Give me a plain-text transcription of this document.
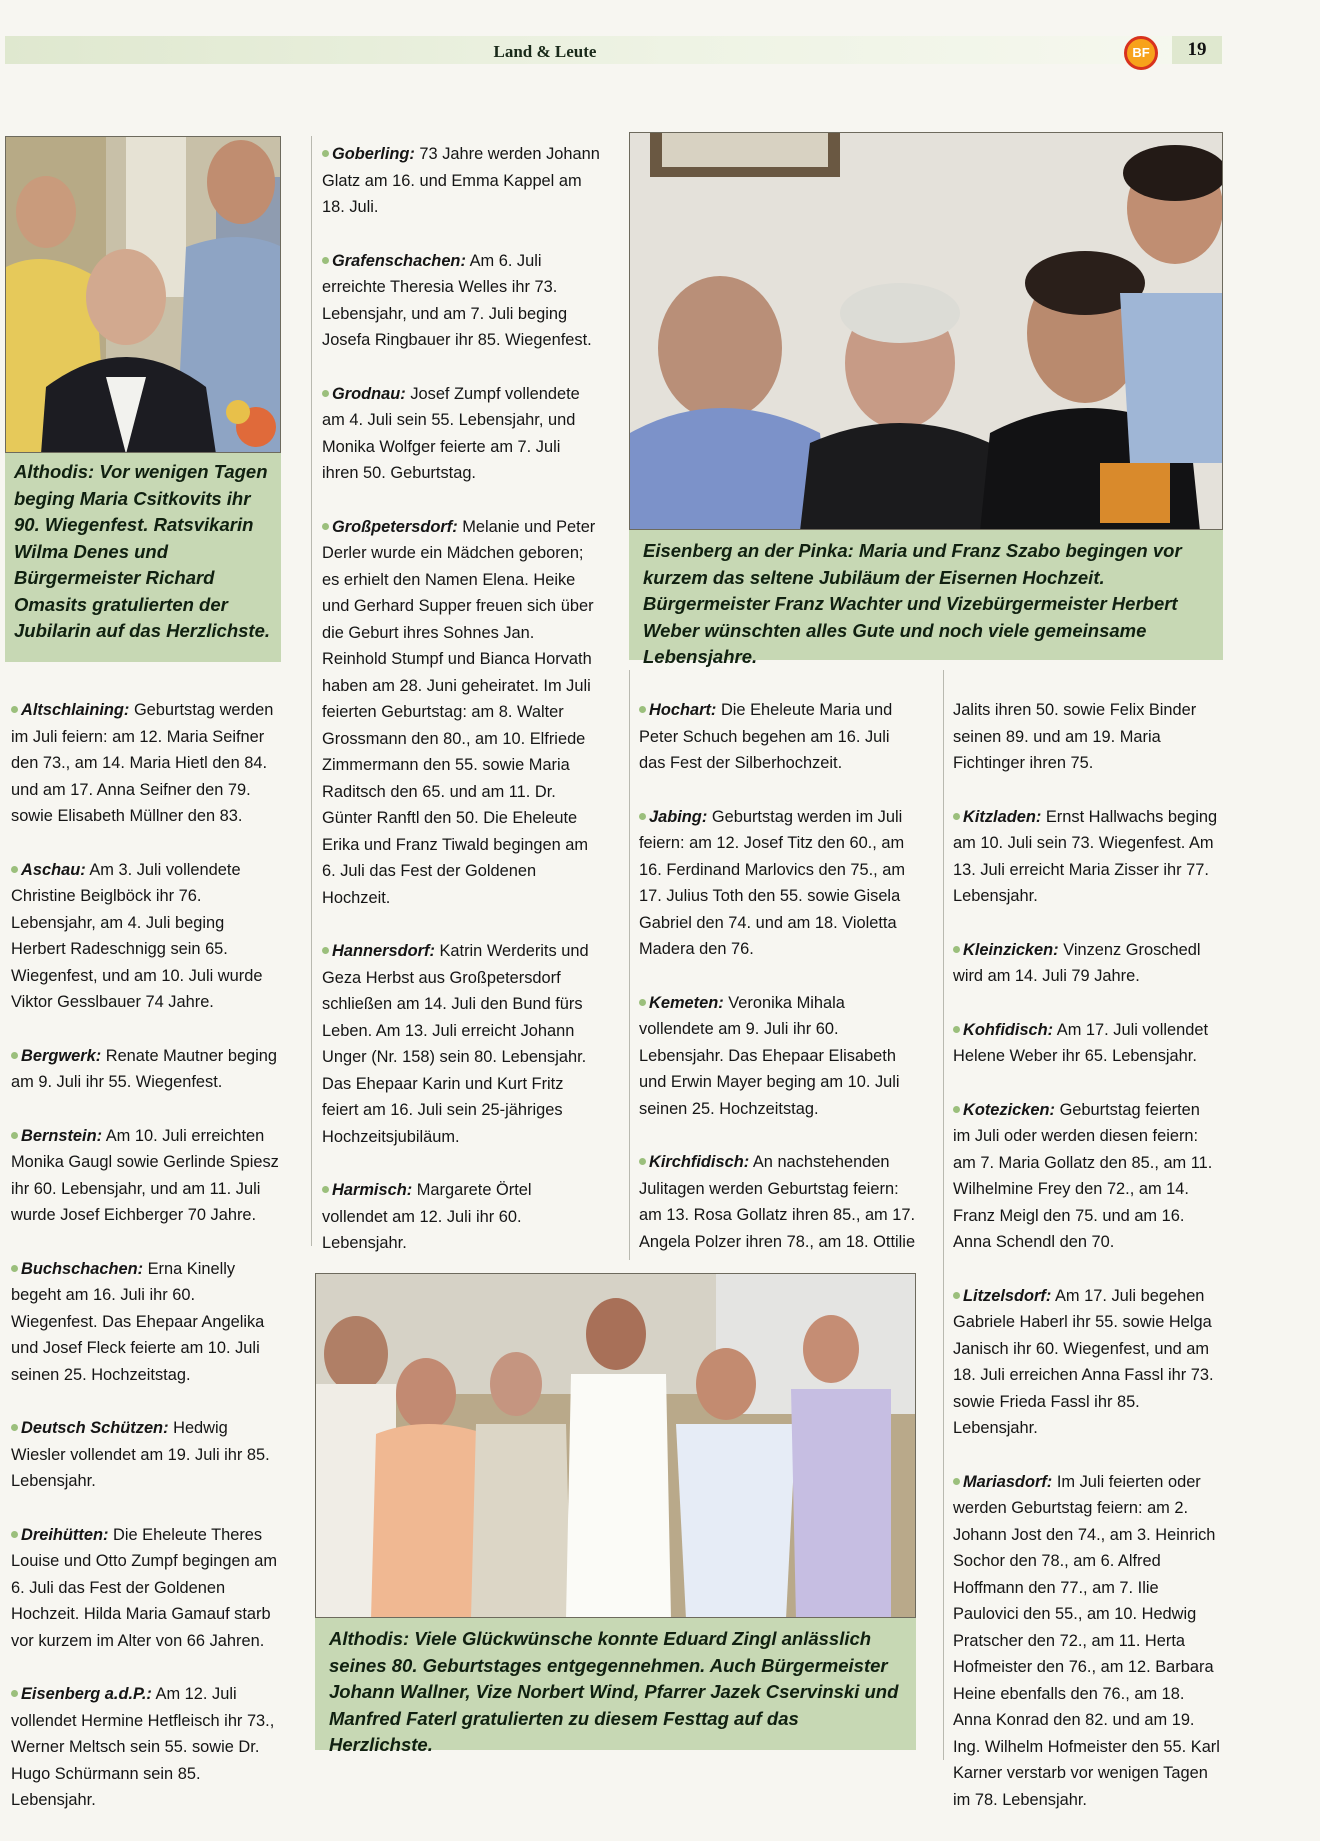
Land & Leute	BF	19
Althodis: Vor wenigen Tagen beging Maria Csitkovits ihr 90. Wiegenfest. Ratsvikarin Wilma Denes und Bürgermeister Richard Omasits gratulierten der Jubilarin auf das Herzlichste.
Eisenberg an der Pinka: Maria und Franz Szabo begingen vor kurzem das seltene Jubiläum der Eisernen Hochzeit. Bürgermeister Franz Wachter und Vizebürgermeister Herbert Weber wünschten alles Gute und noch viele gemeinsame Lebensjahre.
Althodis: Viele Glückwünsche konnte Eduard Zingl anlässlich seines 80. Geburtstages entgegennehmen. Auch Bürgermeister Johann Wallner, Vize Norbert Wind, Pfarrer Jazek Cservinski und Manfred Faterl gratulierten zu diesem Festtag auf das Herzlichste.

Altschlaining: Geburtstag werden im Juli feiern: am 12. Maria Seifner den 73., am 14. Maria Hietl den 84. und am 17. Anna Seifner den 79. sowie Elisabeth Müllner den 83.

Aschau: Am 3. Juli vollendete Christine Beiglböck ihr 76. Lebensjahr, am 4. Juli beging Herbert Radeschnigg sein 65. Wiegenfest, und am 10. Juli wurde Viktor Gesslbauer 74 Jahre.

Bergwerk: Renate Mautner beging am 9. Juli ihr 55. Wiegenfest.

Bernstein: Am 10. Juli erreichten Monika Gaugl sowie Gerlinde Spiesz ihr 60. Lebensjahr, und am 11. Juli wurde Josef Eichberger 70 Jahre.

Buchschachen: Erna Kinelly begeht am 16. Juli ihr 60. Wiegenfest. Das Ehepaar Angelika und Josef Fleck feierte am 10. Juli seinen 25. Hochzeitstag.

Deutsch Schützen: Hedwig Wiesler vollendet am 19. Juli ihr 85. Lebensjahr.

Dreihütten: Die Eheleute Theres Louise und Otto Zumpf begingen am 6. Juli das Fest der Goldenen Hochzeit. Hilda Maria Gamauf starb vor kurzem im Alter von 66 Jahren.

Eisenberg a.d.P.: Am 12. Juli vollendet Hermine Hetfleisch ihr 73., Werner Meltsch sein 55. sowie Dr. Hugo Schürmann sein 85. Lebensjahr.

Goberling: 73 Jahre werden Johann Glatz am 16. und Emma Kappel am 18. Juli.

Grafenschachen: Am 6. Juli erreichte Theresia Welles ihr 73. Lebensjahr, und am 7. Juli beging Josefa Ringbauer ihr 85. Wiegenfest.

Grodnau: Josef Zumpf vollendete am 4. Juli sein 55. Lebensjahr, und Monika Wolfger feierte am 7. Juli ihren 50. Geburtstag.

Großpetersdorf: Melanie und Peter Derler wurde ein Mädchen geboren; es erhielt den Namen Elena. Heike und Gerhard Supper freuen sich über die Geburt ihres Sohnes Jan. Reinhold Stumpf und Bianca Horvath haben am 28. Juni geheiratet. Im Juli feierten Geburtstag: am 8. Walter Grossmann den 80., am 10. Elfriede Zimmermann den 55. sowie Maria Raditsch den 65. und am 11. Dr. Günter Ranftl den 50. Die Eheleute Erika und Franz Tiwald begingen am 6. Juli das Fest der Goldenen Hochzeit.

Hannersdorf: Katrin Werderits und Geza Herbst aus Großpetersdorf schließen am 14. Juli den Bund fürs Leben. Am 13. Juli erreicht Johann Unger (Nr. 158) sein 80. Lebensjahr. Das Ehepaar Karin und Kurt Fritz feiert am 16. Juli sein 25-jähriges Hochzeitsjubiläum.

Harmisch: Margarete Örtel vollendet am 12. Juli ihr 60. Lebensjahr.

Hochart: Die Eheleute Maria und Peter Schuch begehen am 16. Juli das Fest der Silberhochzeit.

Jabing: Geburtstag werden im Juli feiern: am 12. Josef Titz den 60., am 16. Ferdinand Marlovics den 75., am 17. Julius Toth den 55. sowie Gisela Gabriel den 74. und am 18. Violetta Madera den 76.

Kemeten: Veronika Mihala vollendete am 9. Juli ihr 60. Lebensjahr. Das Ehepaar Elisabeth und Erwin Mayer beging am 10. Juli seinen 25. Hochzeitstag.

Kirchfidisch: An nachstehenden Julitagen werden Geburtstag feiern: am 13. Rosa Gollatz ihren 85., am 17. Angela Polzer ihren 78., am 18. Ottilie

Jalits ihren 50. sowie Felix Binder seinen 89. und am 19. Maria Fichtinger ihren 75.

Kitzladen: Ernst Hallwachs beging am 10. Juli sein 73. Wiegenfest. Am 13. Juli erreicht Maria Zisser ihr 77. Lebensjahr.

Kleinzicken: Vinzenz Groschedl wird am 14. Juli 79 Jahre.

Kohfidisch: Am 17. Juli vollendet Helene Weber ihr 65. Lebensjahr.

Kotezicken: Geburtstag feierten im Juli oder werden diesen feiern: am 7. Maria Gollatz den 85., am 11. Wilhelmine Frey den 72., am 14. Franz Meigl den 75. und am 16. Anna Schendl den 70.

Litzelsdorf: Am 17. Juli begehen Gabriele Haberl ihr 55. sowie Helga Janisch ihr 60. Wiegenfest, und am 18. Juli erreichen Anna Fassl ihr 73. sowie Frieda Fassl ihr 85. Lebensjahr.

Mariasdorf: Im Juli feierten oder werden Geburtstag feiern: am 2. Johann Jost den 74., am 3. Heinrich Sochor den 78., am 6. Alfred Hoffmann den 77., am 7. Ilie Paulovici den 55., am 10. Hedwig Pratscher den 72., am 11. Herta Hofmeister den 76., am 12. Barbara Heine ebenfalls den 76., am 18. Anna Konrad den 82. und am 19. Ing. Wilhelm Hofmeister den 55. Karl Karner verstarb vor wenigen Tagen im 78. Lebensjahr.
